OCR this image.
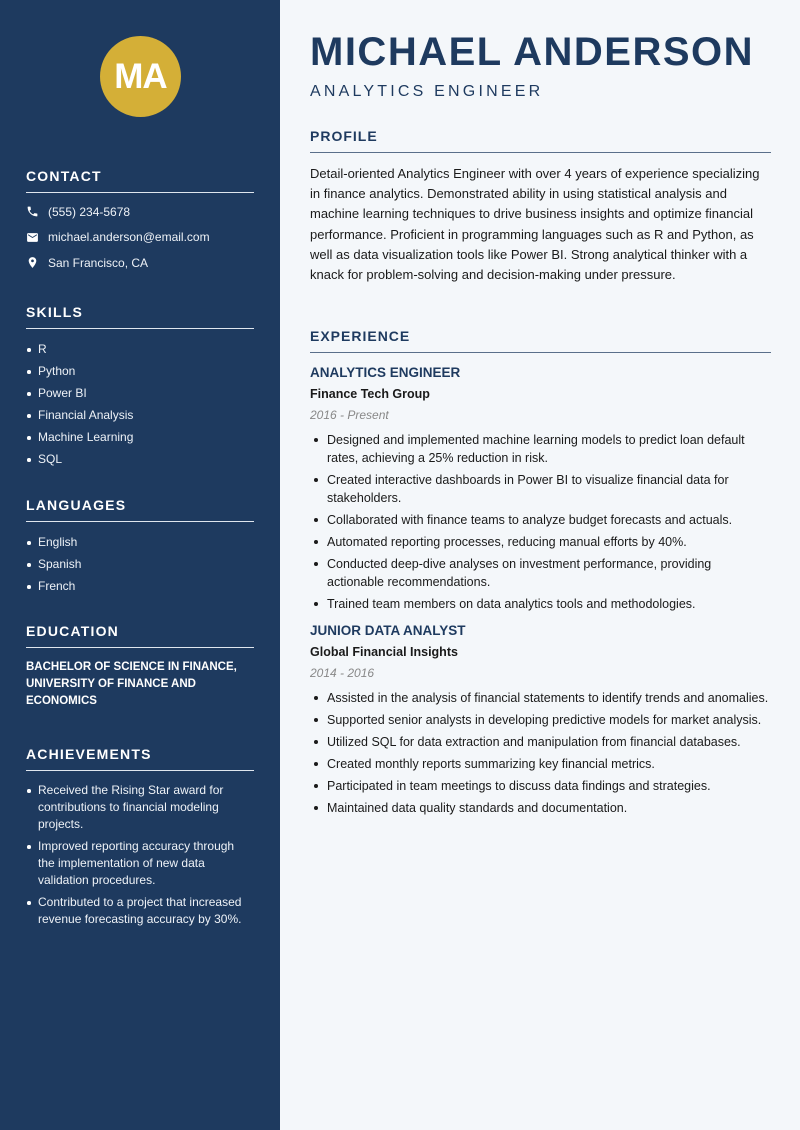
MA
CONTACT
(555) 234-5678
michael.anderson@email.com
San Francisco, CA
SKILLS
R
Python
Power BI
Financial Analysis
Machine Learning
SQL
LANGUAGES
English
Spanish
French
EDUCATION
BACHELOR OF SCIENCE IN FINANCE, UNIVERSITY OF FINANCE AND ECONOMICS
ACHIEVEMENTS
Received the Rising Star award for contributions to financial modeling projects.
Improved reporting accuracy through the implementation of new data validation procedures.
Contributed to a project that increased revenue forecasting accuracy by 30%.
MICHAEL ANDERSON
ANALYTICS ENGINEER
PROFILE

Detail-oriented Analytics Engineer with over 4 years of experience specializing in finance analytics. Demonstrated ability in using statistical analysis and machine learning techniques to drive business insights and optimize financial performance. Proficient in programming languages such as R and Python, as well as data visualization tools like Power BI. Strong analytical thinker with a knack for problem-solving and decision-making under pressure.

EXPERIENCE
ANALYTICS ENGINEER
Finance Tech Group
2016 - Present
Designed and implemented machine learning models to predict loan default rates, achieving a 25% reduction in risk.
Created interactive dashboards in Power BI to visualize financial data for stakeholders.
Collaborated with finance teams to analyze budget forecasts and actuals.
Automated reporting processes, reducing manual efforts by 40%.
Conducted deep-dive analyses on investment performance, providing actionable recommendations.
Trained team members on data analytics tools and methodologies.
JUNIOR DATA ANALYST
Global Financial Insights
2014 - 2016
Assisted in the analysis of financial statements to identify trends and anomalies.
Supported senior analysts in developing predictive models for market analysis.
Utilized SQL for data extraction and manipulation from financial databases.
Created monthly reports summarizing key financial metrics.
Participated in team meetings to discuss data findings and strategies.
Maintained data quality standards and documentation.
